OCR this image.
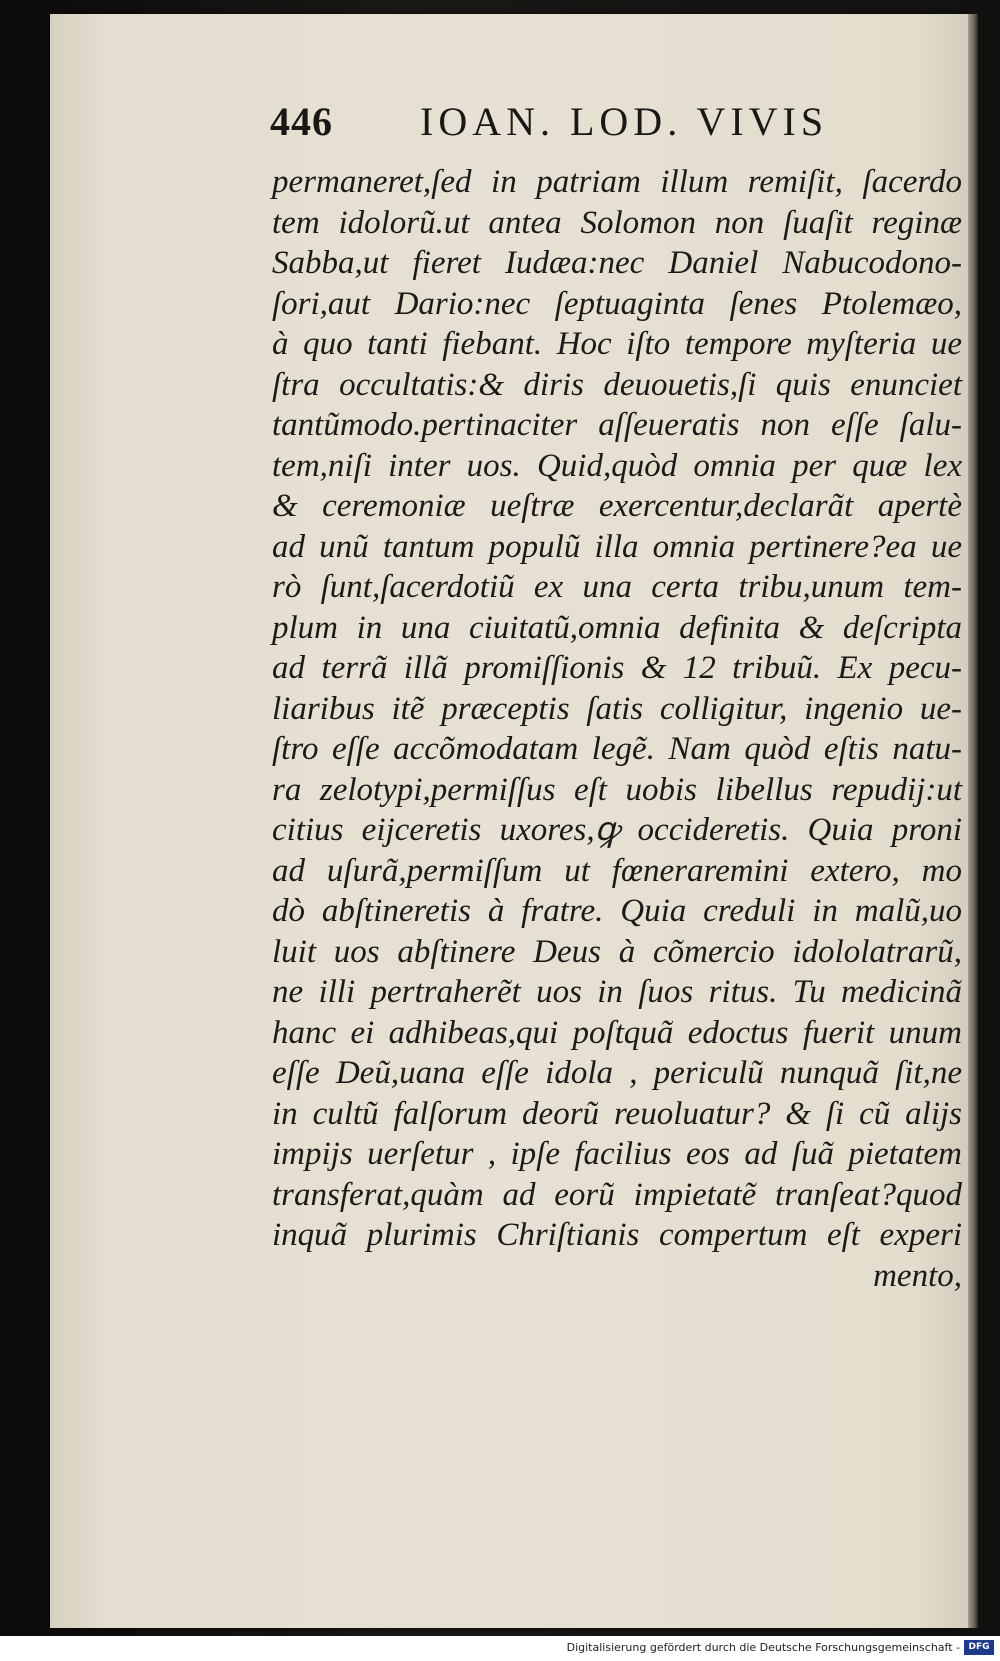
446 IOAN. LOD. VIVIS
permaneret,ſed in patriam illum remiſit, ſacerdo
tem idolorũ.ut antea Solomon non ſuaſit reginæ
Sabba,ut fieret Iudæa:nec Daniel Nabucodono-
ſori,aut Dario:nec ſeptuaginta ſenes Ptolemæo,
à quo tanti fiebant. Hoc iſto tempore myſteria ue
ſtra occultatis:& diris deuouetis,ſi quis enunciet
tantũmodo.pertinaciter aſſeueratis non eſſe ſalu-
tem,niſi inter uos. Quid,quòd omnia per quæ lex
& ceremoniæ ueſtræ exercentur,declarãt apertè
ad unũ tantum populũ illa omnia pertinere?ea ue
rò ſunt,ſacerdotiũ ex una certa tribu,unum tem-
plum in una ciuitatũ,omnia definita & deſcripta
ad terrã illã promiſſionis & 12 tribuũ. Ex pecu-
liaribus itẽ præceptis ſatis colligitur, ingenio ue-
ſtro eſſe accõmodatam legẽ. Nam quòd eſtis natu-
ra zelotypi,permiſſus eſt uobis libellus repudij:ut
citius eijceretis uxores,ꝙ occideretis. Quia proni
ad uſurã,permiſſum ut fœneraremini extero, mo
dò abſtineretis à fratre. Quia creduli in malũ,uo
luit uos abſtinere Deus à cõmercio idololatrarũ,
ne illi pertraherẽt uos in ſuos ritus. Tu medicinã
hanc ei adhibeas,qui poſtquã edoctus fuerit unum
eſſe Deũ,uana eſſe idola , periculũ nunquã ſit,ne
in cultũ falſorum deorũ reuoluatur? & ſi cũ alijs
impijs uerſetur , ipſe facilius eos ad ſuã pietatem
transferat,quàm ad eorũ impietatẽ tranſeat?quod
inquã plurimis Chriſtianis compertum eſt experi
mento,
Digitalisierung gefördert durch die Deutsche Forschungsgemeinschaft - DFG
